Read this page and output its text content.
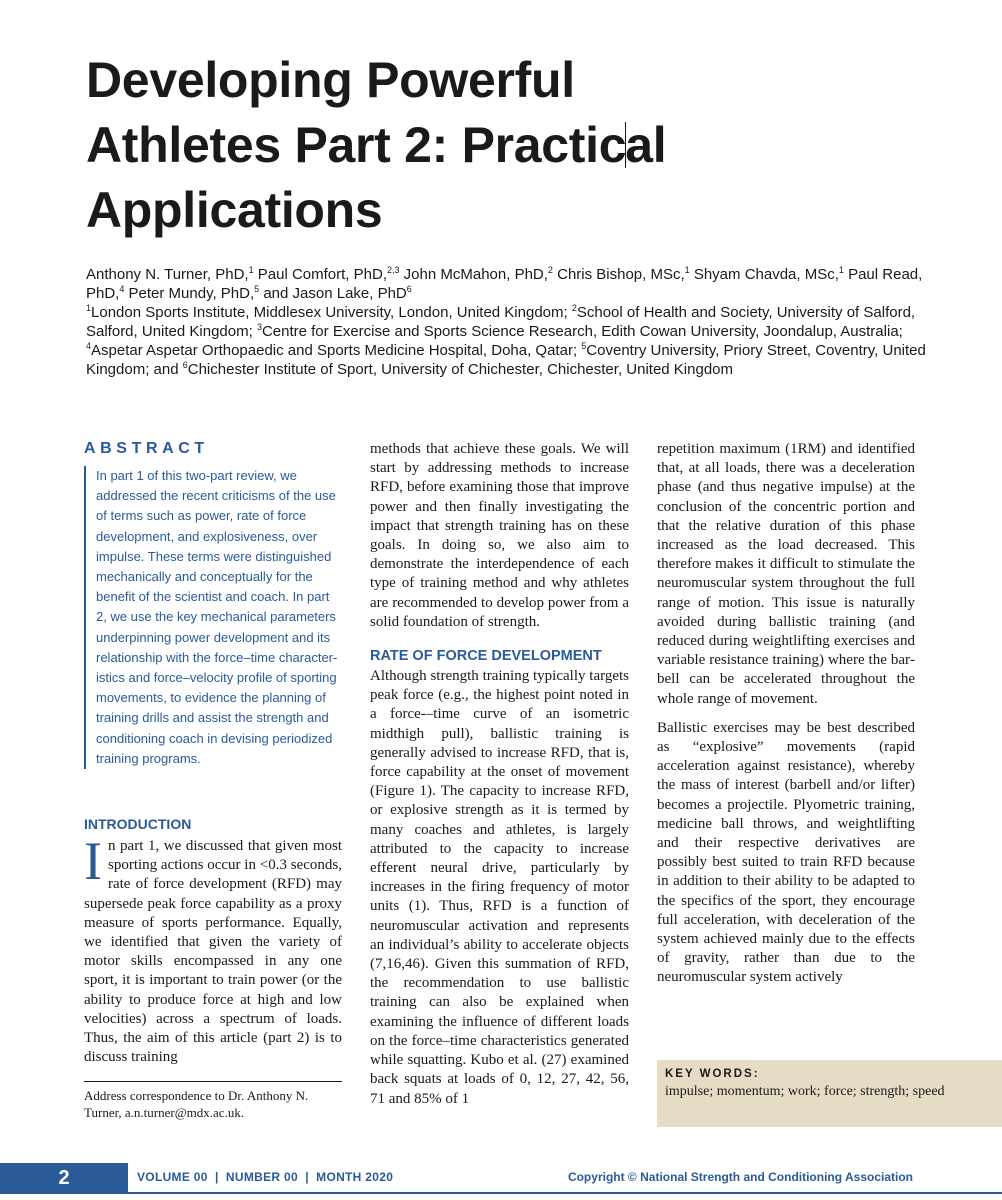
Developing Powerful
Athletes Part 2: Practical
Applications
Anthony N. Turner, PhD,$^1$ Paul Comfort, PhD,$^{2,3}$ John McMahon, PhD,$^2$ Chris Bishop, MSc,$^1$ Shyam Chavda, MSc,$^1$ Paul Read, PhD,$^4$ Peter Mundy, PhD,$^5$ and Jason Lake, PhD$^6$
$^1$London Sports Institute, Middlesex University, London, United Kingdom; $^2$School of Health and Society, University of Salford, Salford, United Kingdom; $^3$Centre for Exercise and Sports Science Research, Edith Cowan University, Joondalup, Australia; $^4$Aspetar Aspetar Orthopaedic and Sports Medicine Hospital, Doha, Qatar; $^5$Coventry University, Priory Street, Coventry, United Kingdom; and $^6$Chichester Institute of Sport, University of Chichester, Chichester, United Kingdom
ABSTRACT

In part 1 of this two-part review, we addressed the recent criticisms of the use of terms such as power, rate of force development, and explosiveness, over impulse. These terms were distinguished mechanically and conceptually for the benefit of the scientist and coach. In part 2, we use the key mechanical parameters underpinning power development and its relationship with the force–time characteristics and force–velocity profile of sporting movements, to evidence the planning of training drills and assist the strength and conditioning coach in devising periodized training programs.

INTRODUCTION

In part 1, we discussed that given most sporting actions occur in <0.3 seconds, rate of force development (RFD) may supersede peak force capability as a proxy measure of sports performance. Equally, we identified that given the variety of motor skills encompassed in any one sport, it is important to train power (or the ability to produce force at high and low velocities) across a spectrum of loads. Thus, the aim of this article (part 2) is to discuss training

Address correspondence to Dr. Anthony N. Turner, a.n.turner@mdx.ac.uk.

methods that achieve these goals. We will start by addressing methods to increase RFD, before examining those that improve power and then finally investigating the impact that strength training has on these goals. In doing so, we also aim to demonstrate the interdependence of each type of training method and why athletes are recommended to develop power from a solid foundation of strength.

RATE OF FORCE DEVELOPMENT

Although strength training typically targets peak force (e.g., the highest point noted in a force-–time curve of an isometric midthigh pull), ballistic training is generally advised to increase RFD, that is, force capability at the onset of movement (Figure 1). The capacity to increase RFD, or explosive strength as it is termed by many coaches and athletes, is largely attributed to the capacity to increase efferent neural drive, particularly by increases in the firing frequency of motor units (1). Thus, RFD is a function of neuromuscular activation and represents an individual’s ability to accelerate objects (7,16,46). Given this summation of RFD, the recommendation to use ballistic training can also be explained when examining the influence of different loads on the force–time characteristics generated while squatting. Kubo et al. (27) examined back squats at loads of 0, 12, 27, 42, 56, 71 and 85% of 1

repetition maximum (1RM) and identified that, at all loads, there was a deceleration phase (and thus negative impulse) at the conclusion of the concentric portion and that the relative duration of this phase increased as the load decreased. This therefore makes it difficult to stimulate the neuromuscular system throughout the full range of motion. This issue is naturally avoided during ballistic training (and reduced during weightlifting exercises and variable resistance training) where the barbell can be accelerated throughout the whole range of movement.

Ballistic exercises may be best described as “explosive” movements (rapid acceleration against resistance), whereby the mass of interest (barbell and/or lifter) becomes a projectile. Plyometric training, medicine ball throws, and weightlifting and their respective derivatives are possibly best suited to train RFD because in addition to their ability to be adapted to the specifics of the sport, they encourage full acceleration, with deceleration of the system achieved mainly due to the effects of gravity, rather than due to the neuromuscular system actively

KEY WORDS:

impulse; momentum; work; force; strength; speed

2	VOLUME 00  |  NUMBER 00  |  MONTH 2020	Copyright © National Strength and Conditioning Association
